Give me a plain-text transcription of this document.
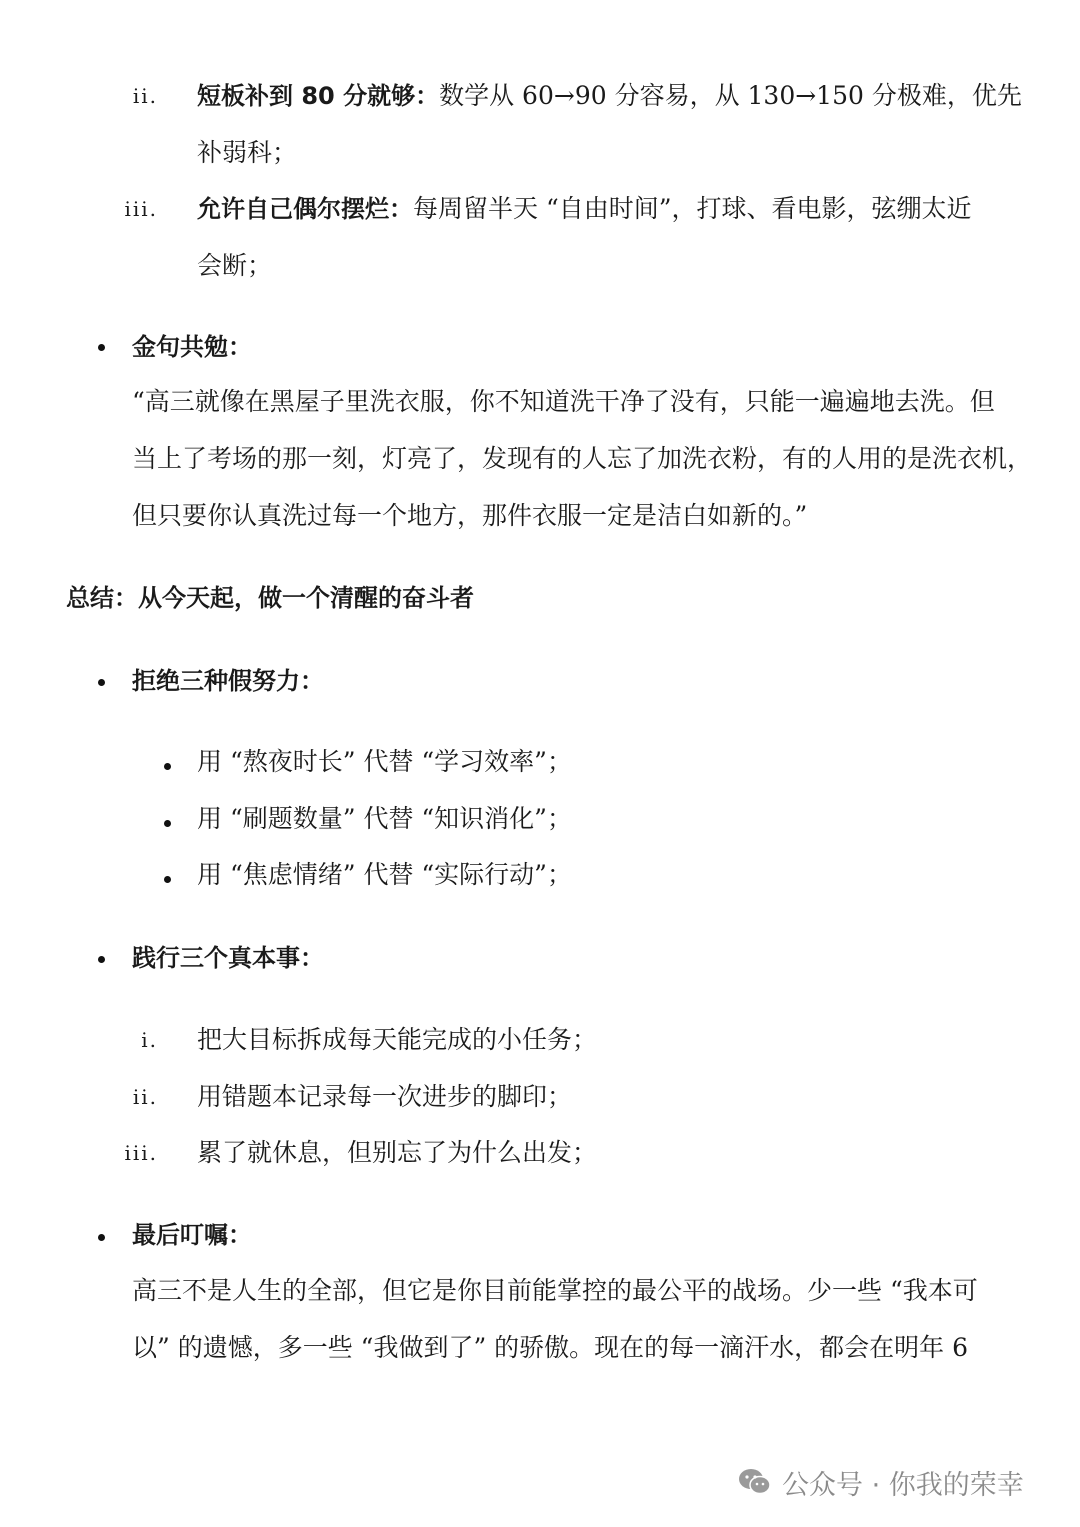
ii. 短板补到 80 分就够：数学从 60→90 分容易，从 130→150 分极难，优先
补弱科；
iii. 允许自己偶尔摆烂：每周留半天 “自由时间”，打球、看电影，弦绷太近
会断；
金句共勉：
“高三就像在黑屋子里洗衣服，你不知道洗干净了没有，只能一遍遍地去洗。但
当上了考场的那一刻，灯亮了，发现有的人忘了加洗衣粉，有的人用的是洗衣机，
但只要你认真洗过每一个地方，那件衣服一定是洁白如新的。”
总结：从今天起，做一个清醒的奋斗者
拒绝三种假努力：
用 “熬夜时长” 代替 “学习效率”；
用 “刷题数量” 代替 “知识消化”；
用 “焦虑情绪” 代替 “实际行动”；
践行三个真本事：
i. 把大目标拆成每天能完成的小任务；
ii. 用错题本记录每一次进步的脚印；
iii. 累了就休息，但别忘了为什么出发；
最后叮嘱：
高三不是人生的全部，但它是你目前能掌控的最公平的战场。少一些 “我本可
以” 的遗憾，多一些 “我做到了” 的骄傲。现在的每一滴汗水，都会在明年 6
公众号 · 你我的荣幸
